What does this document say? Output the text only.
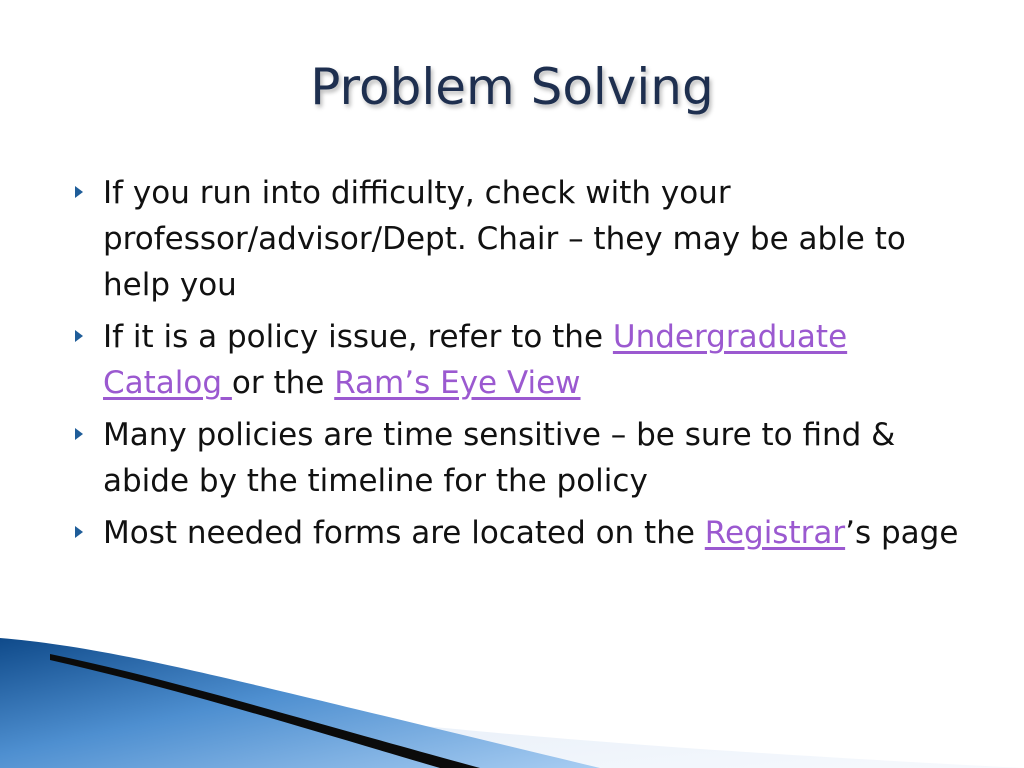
Problem Solving
If you run into difficulty, check with your professor/advisor/Dept. Chair – they may be able to help you
If it is a policy issue, refer to the Undergraduate Catalog or the Ram’s Eye View
Many policies are time sensitive – be sure to find & abide by the timeline for the policy
Most needed forms are located on the Registrar’s page
